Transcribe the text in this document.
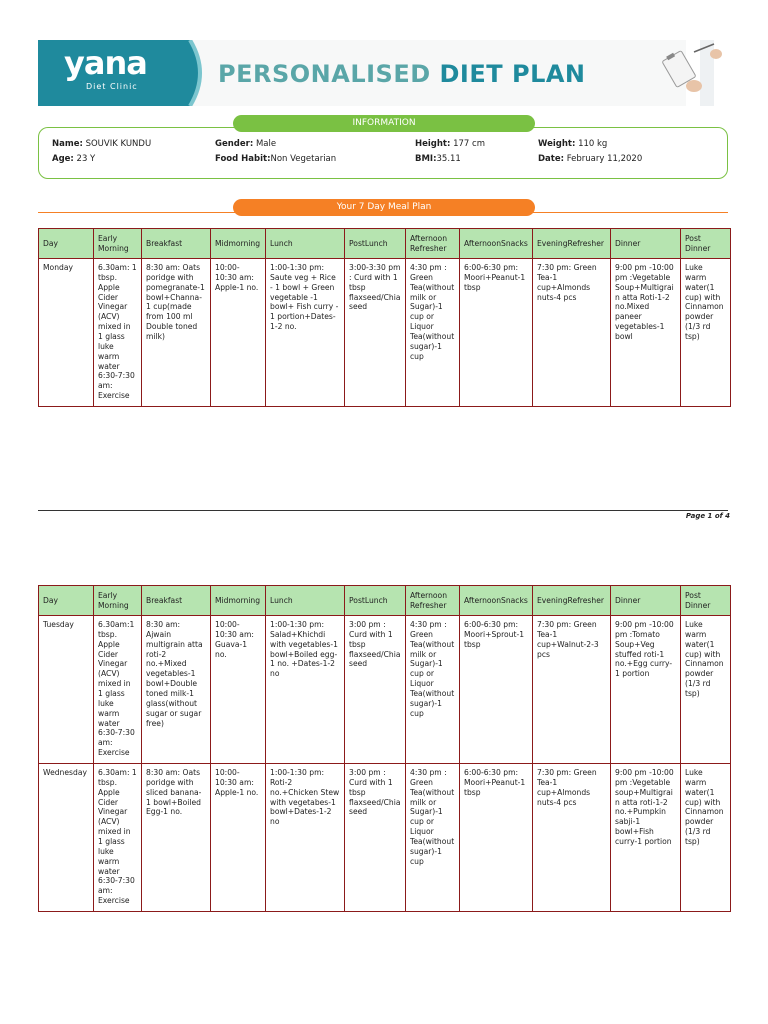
yana
Diet Clinic	PERSONALISED DIET PLAN
Name: SOUVIK KUNDU	Gender: Male	Height: 177 cm	Weight: 110 kg
Age: 23 Y	Food Habit:Non Vegetarian	BMI:35.11	Date: February 11,2020
INFORMATION
Your 7 Day Meal Plan
Day	Early Morning	Breakfast	Midmorning	Lunch	PostLunch	Afternoon Refresher	AfternoonSnacks	EveningRefresher	Dinner	Post Dinner
Monday	6.30am: 1 tbsp. Apple Cider Vinegar (ACV) mixed in 1 glass luke warm water 6:30-7:30 am: Exercise	8:30 am: Oats poridge with pomegranate-1 bowl+Channa-1 cup(made from 100 ml Double toned milk)	10:00-10:30 am: Apple-1 no.	1:00-1:30 pm: Saute veg + Rice - 1 bowl + Green vegetable -1 bowl+ Fish curry - 1 portion+Dates-1-2 no.	3:00-3:30 pm : Curd with 1 tbsp flaxseed/Chia seed	4:30 pm : Green Tea(without milk or Sugar)-1 cup or Liquor Tea(without sugar)-1 cup	6:00-6:30 pm: Moori+Peanut-1 tbsp	7:30 pm: Green Tea-1 cup+Almonds nuts-4 pcs	9:00 pm -10:00 pm :Vegetable Soup+Multigrain atta Roti-1-2 no.Mixed paneer vegetables-1 bowl	Luke warm water(1 cup) with Cinnamon powder (1/3 rd tsp)
Page 1 of 4
Day	Early Morning	Breakfast	Midmorning	Lunch	PostLunch	Afternoon Refresher	AfternoonSnacks	EveningRefresher	Dinner	Post Dinner
Tuesday	6.30am:1 tbsp. Apple Cider Vinegar (ACV) mixed in 1 glass luke warm water 6:30-7:30 am: Exercise	8:30 am: Ajwain multigrain atta roti-2 no.+Mixed vegetables-1 bowl+Double toned milk-1 glass(without sugar or sugar free)	10:00-10:30 am: Guava-1 no.	1:00-1:30 pm: Salad+Khichdi with vegetables-1 bowl+Boiled egg-1 no. +Dates-1-2 no	3:00 pm : Curd with 1 tbsp flaxseed/Chia seed	4:30 pm : Green Tea(without milk or Sugar)-1 cup or Liquor Tea(without sugar)-1 cup	6:00-6:30 pm: Moori+Sprout-1 tbsp	7:30 pm: Green Tea-1 cup+Walnut-2-3 pcs	9:00 pm -10:00 pm :Tomato Soup+Veg stuffed roti-1 no.+Egg curry-1 portion	Luke warm water(1 cup) with Cinnamon powder (1/3 rd tsp)
Wednesday	6.30am: 1 tbsp. Apple Cider Vinegar (ACV) mixed in 1 glass luke warm water 6:30-7:30 am: Exercise	8:30 am: Oats poridge with sliced banana-1 bowl+Boiled Egg-1 no.	10:00-10:30 am: Apple-1 no.	1:00-1:30 pm: Roti-2 no.+Chicken Stew with vegetabes-1 bowl+Dates-1-2 no	3:00 pm : Curd with 1 tbsp flaxseed/Chia seed	4:30 pm : Green Tea(without milk or Sugar)-1 cup or Liquor Tea(without sugar)-1 cup	6:00-6:30 pm: Moori+Peanut-1 tbsp	7:30 pm: Green Tea-1 cup+Almonds nuts-4 pcs	9:00 pm -10:00 pm :Vegetable soup+Multigrain atta roti-1-2 no.+Pumpkin sabji-1 bowl+Fish curry-1 portion	Luke warm water(1 cup) with Cinnamon powder (1/3 rd tsp)
